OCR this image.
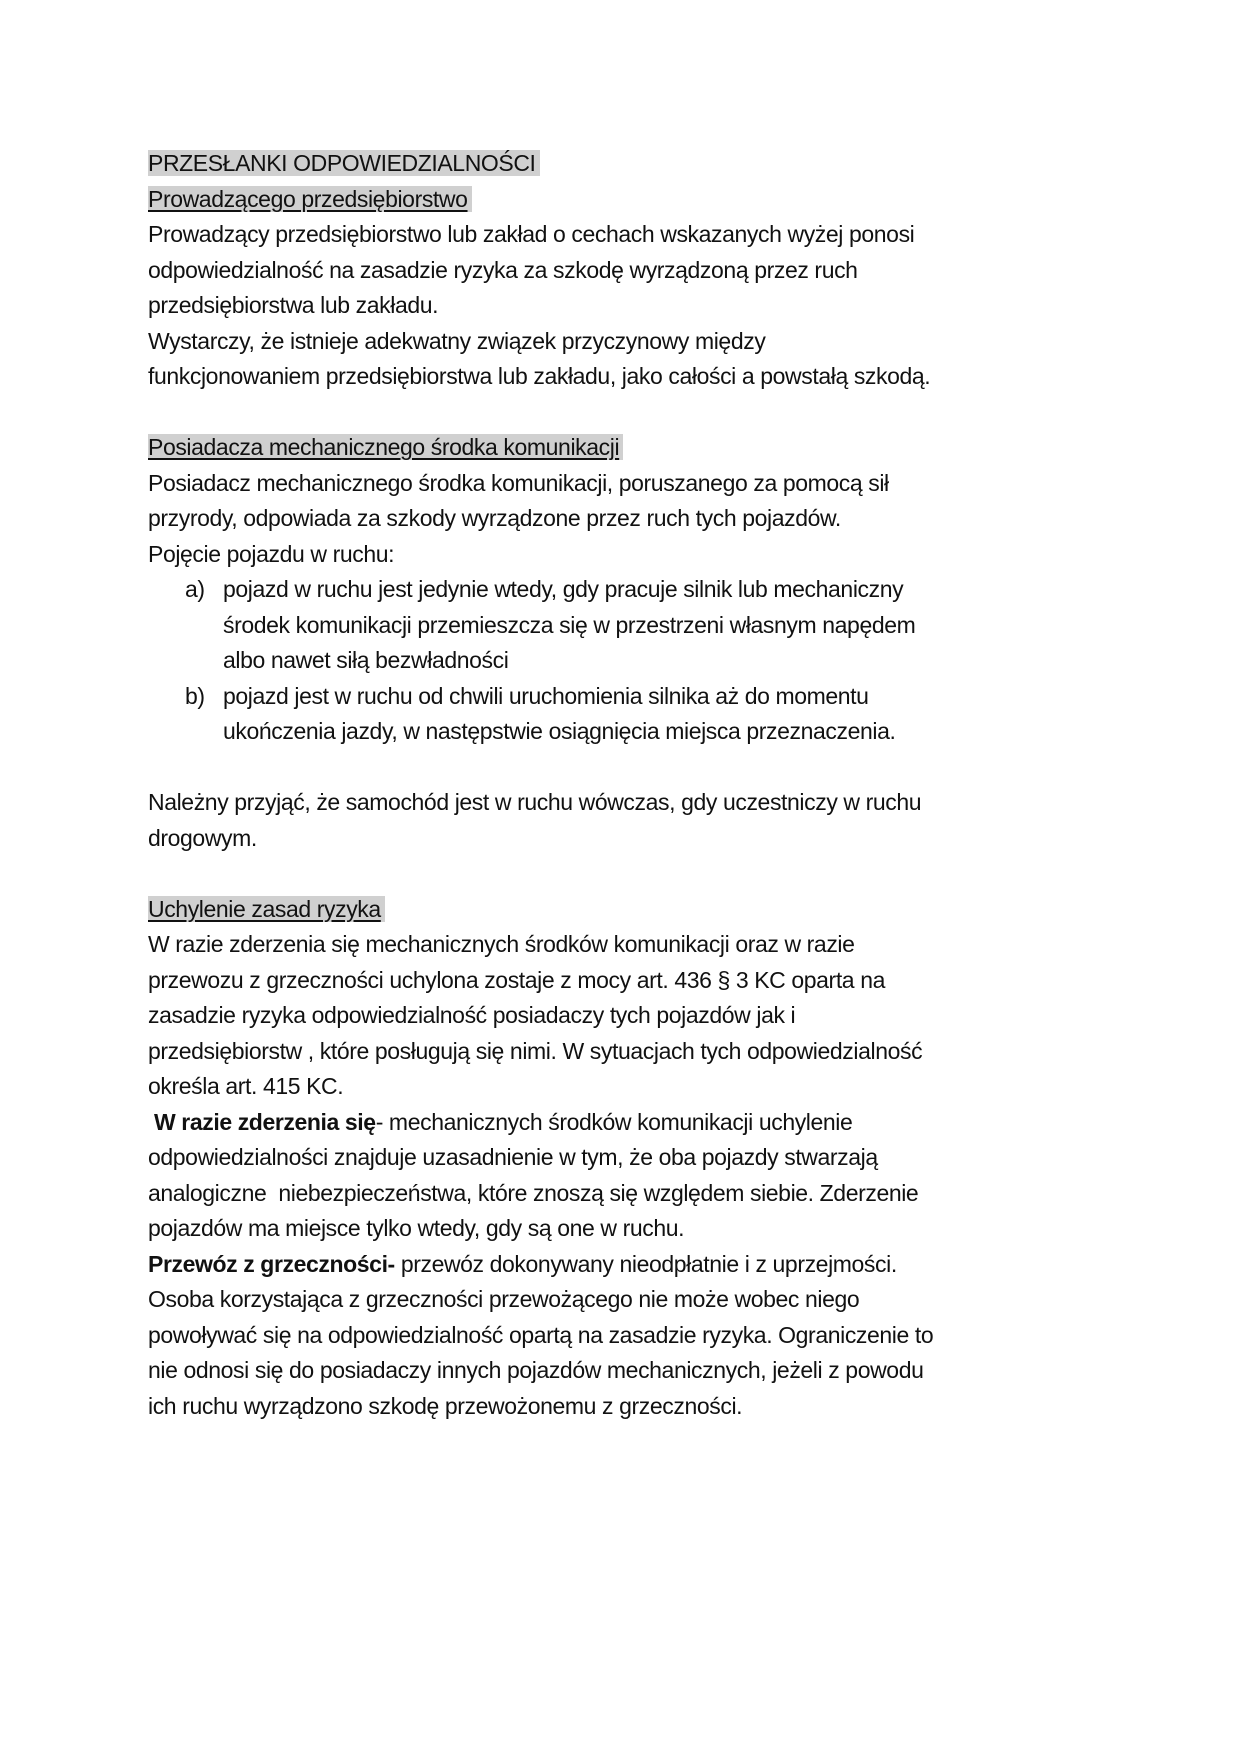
PRZESŁANKI ODPOWIEDZIALNOŚCI
Prowadzącego przedsiębiorstwo
Prowadzący przedsiębiorstwo lub zakład o cechach wskazanych wyżej ponosi
odpowiedzialność na zasadzie ryzyka za szkodę wyrządzoną przez ruch
przedsiębiorstwa lub zakładu.
Wystarczy, że istnieje adekwatny związek przyczynowy między
funkcjonowaniem przedsiębiorstwa lub zakładu, jako całości a powstałą szkodą.
Posiadacza mechanicznego środka komunikacji
Posiadacz mechanicznego środka komunikacji, poruszanego za pomocą sił
przyrody, odpowiada za szkody wyrządzone przez ruch tych pojazdów.
Pojęcie pojazdu w ruchu:
a) pojazd w ruchu jest jedynie wtedy, gdy pracuje silnik lub mechaniczny
środek komunikacji przemieszcza się w przestrzeni własnym napędem
albo nawet siłą bezwładności
b) pojazd jest w ruchu od chwili uruchomienia silnika aż do momentu
ukończenia jazdy, w następstwie osiągnięcia miejsca przeznaczenia.
Należny przyjąć, że samochód jest w ruchu wówczas, gdy uczestniczy w ruchu
drogowym.
Uchylenie zasad ryzyka
W razie zderzenia się mechanicznych środków komunikacji oraz w razie
przewozu z grzeczności uchylona zostaje z mocy art. 436 § 3 KC oparta na
zasadzie ryzyka odpowiedzialność posiadaczy tych pojazdów jak i
przedsiębiorstw , które posługują się nimi. W sytuacjach tych odpowiedzialność
określa art. 415 KC.
W razie zderzenia się- mechanicznych środków komunikacji uchylenie
odpowiedzialności znajduje uzasadnienie w tym, że oba pojazdy stwarzają
analogiczne  niebezpieczeństwa, które znoszą się względem siebie. Zderzenie
pojazdów ma miejsce tylko wtedy, gdy są one w ruchu.
Przewóz z grzeczności- przewóz dokonywany nieodpłatnie i z uprzejmości.
Osoba korzystająca z grzeczności przewożącego nie może wobec niego
powoływać się na odpowiedzialność opartą na zasadzie ryzyka. Ograniczenie to
nie odnosi się do posiadaczy innych pojazdów mechanicznych, jeżeli z powodu
ich ruchu wyrządzono szkodę przewożonemu z grzeczności.
